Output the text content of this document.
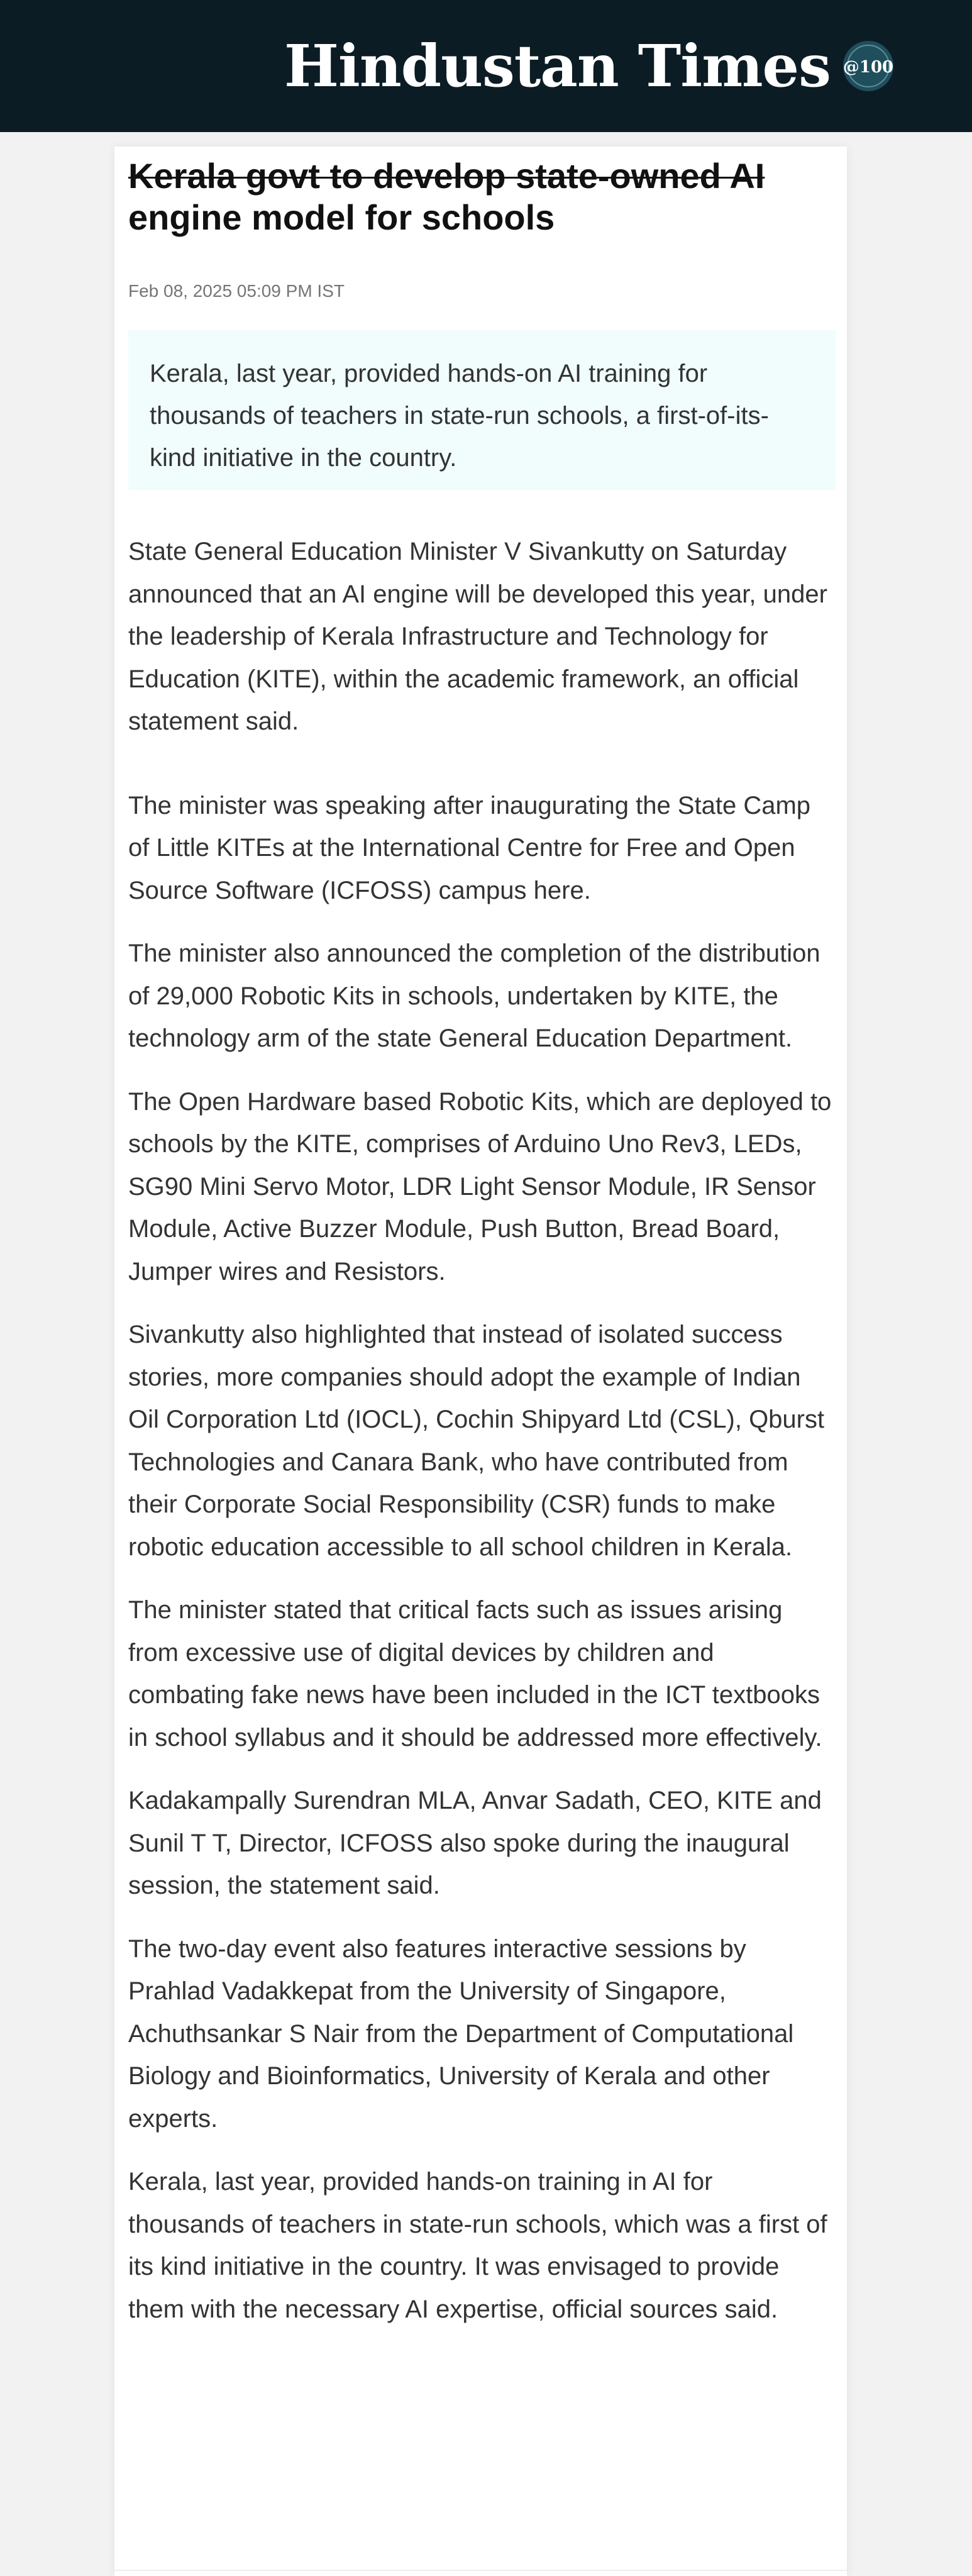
Hindustan Times @100
Kerala govt to develop state-owned AI
engine model for schools
Feb 08, 2025 05:09 PM IST
Kerala, last year, provided hands-on AI training for thousands of teachers in state-run schools, a first-of-its-kind initiative in the country.

State General Education Minister V Sivankutty on Saturday announced that an AI engine will be developed this year, under the leadership of Kerala Infrastructure and Technology for Education (KITE), within the academic framework, an official statement said.

The minister was speaking after inaugurating the State Camp of Little KITEs at the International Centre for Free and Open Source Software (ICFOSS) campus here.

The minister also announced the completion of the distribution of 29,000 Robotic Kits in schools, undertaken by KITE, the technology arm of the state General Education Department.

The Open Hardware based Robotic Kits, which are deployed to schools by the KITE, comprises of Arduino Uno Rev3, LEDs, SG90 Mini Servo Motor, LDR Light Sensor Module, IR Sensor Module, Active Buzzer Module, Push Button, Bread Board, Jumper wires and Resistors.

Sivankutty also highlighted that instead of isolated success stories, more companies should adopt the example of Indian Oil Corporation Ltd (IOCL), Cochin Shipyard Ltd (CSL), Qburst Technologies and Canara Bank, who have contributed from their Corporate Social Responsibility (CSR) funds to make robotic education accessible to all school children in Kerala.

The minister stated that critical facts such as issues arising from excessive use of digital devices by children and combating fake news have been included in the ICT textbooks in school syllabus and it should be addressed more effectively.

Kadakampally Surendran MLA, Anvar Sadath, CEO, KITE and Sunil T T, Director, ICFOSS also spoke during the inaugural session, the statement said.

The two-day event also features interactive sessions by Prahlad Vadakkepat from the University of Singapore, Achuthsankar S Nair from the Department of Computational Biology and Bioinformatics, University of Kerala and other experts.

Kerala, last year, provided hands-on training in AI for thousands of teachers in state-run schools, which was a first of its kind initiative in the country. It was envisaged to provide them with the necessary AI expertise, official sources said.
